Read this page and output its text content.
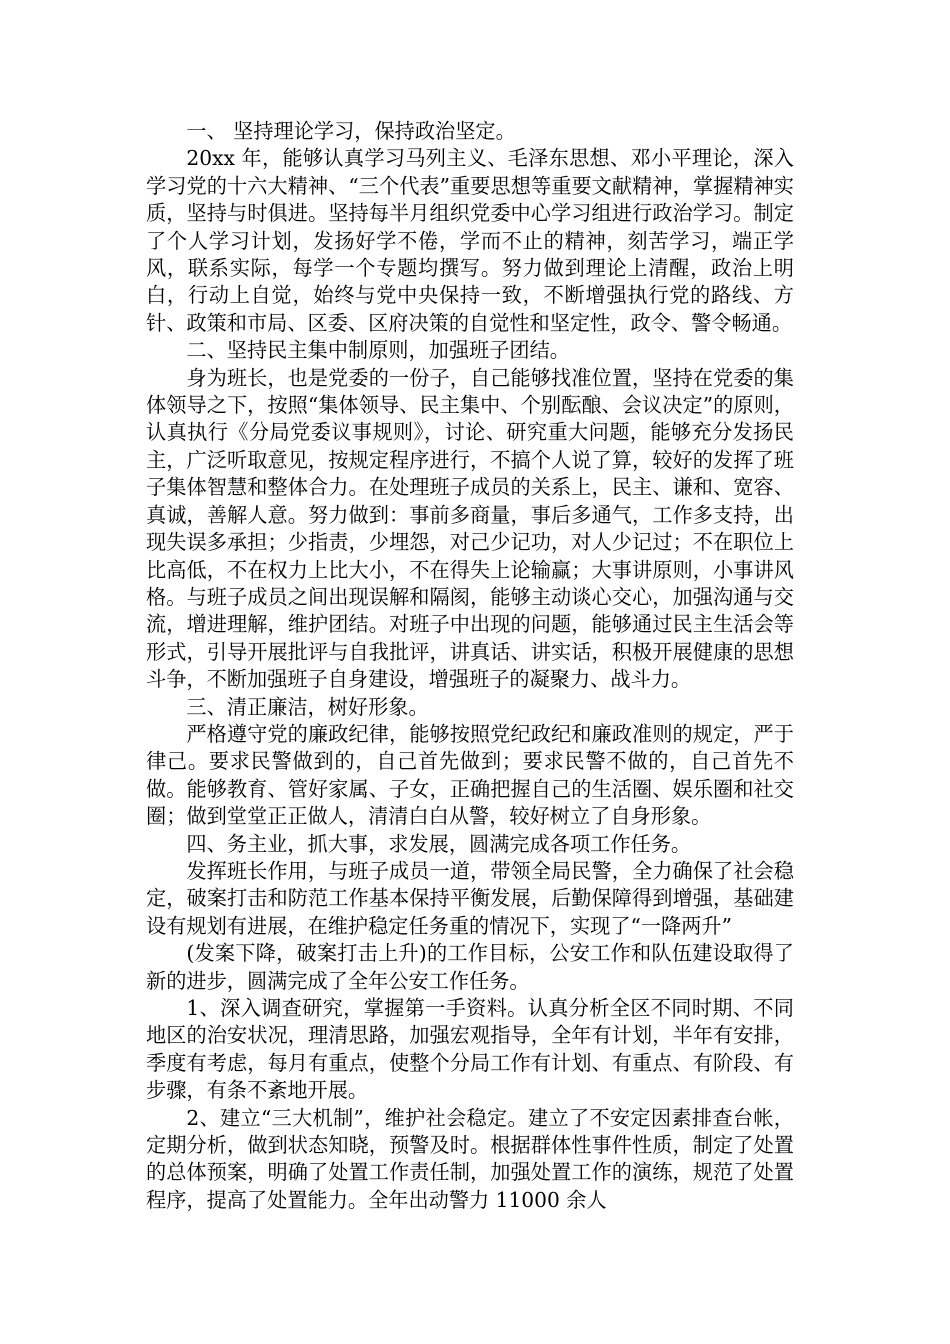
一、 坚持理论学习，保持政治坚定。

20xx 年，能够认真学习马列主义、毛泽东思想、邓小平理论，深入学习党的十六大精神、“三个代表”重要思想等重要文献精神，掌握精神实质，坚持与时俱进。坚持每半月组织党委中心学习组进行政治学习。制定了个人学习计划，发扬好学不倦，学而不止的精神，刻苦学习，端正学风，联系实际，每学一个专题均撰写。努力做到理论上清醒，政治上明白，行动上自觉，始终与党中央保持一致，不断增强执行党的路线、方针、政策和市局、区委、区府决策的自觉性和坚定性，政令、警令畅通。

二、坚持民主集中制原则，加强班子团结。

身为班长，也是党委的一份子，自己能够找准位置，坚持在党委的集体领导之下，按照“集体领导、民主集中、个别酝酿、会议决定”的原则，认真执行《分局党委议事规则》，讨论、研究重大问题，能够充分发扬民主，广泛听取意见，按规定程序进行，不搞个人说了算，较好的发挥了班子集体智慧和整体合力。在处理班子成员的关系上，民主、谦和、宽容、真诚，善解人意。努力做到：事前多商量，事后多通气，工作多支持，出现失误多承担；少指责，少埋怨，对己少记功，对人少记过；不在职位上比高低，不在权力上比大小，不在得失上论输赢；大事讲原则，小事讲风格。与班子成员之间出现误解和隔阂，能够主动谈心交心，加强沟通与交流，增进理解，维护团结。对班子中出现的问题，能够通过民主生活会等形式，引导开展批评与自我批评，讲真话、讲实话，积极开展健康的思想斗争，不断加强班子自身建设，增强班子的凝聚力、战斗力。

三、清正廉洁，树好形象。

严格遵守党的廉政纪律，能够按照党纪政纪和廉政准则的规定，严于律己。要求民警做到的，自己首先做到；要求民警不做的，自己首先不做。能够教育、管好家属、子女，正确把握自己的生活圈、娱乐圈和社交圈；做到堂堂正正做人，清清白白从警，较好树立了自身形象。

四、务主业，抓大事，求发展，圆满完成各项工作任务。

发挥班长作用，与班子成员一道，带领全局民警，全力确保了社会稳定，破案打击和防范工作基本保持平衡发展，后勤保障得到增强，基础建设有规划有进展，在维护稳定任务重的情况下，实现了“一降两升”

(发案下降，破案打击上升)的工作目标，公安工作和队伍建设取得了新的进步，圆满完成了全年公安工作任务。

1、深入调查研究，掌握第一手资料。认真分析全区不同时期、不同地区的治安状况，理清思路，加强宏观指导，全年有计划，半年有安排，季度有考虑，每月有重点，使整个分局工作有计划、有重点、有阶段、有步骤，有条不紊地开展。

2、建立“三大机制”，维护社会稳定。建立了不安定因素排查台帐，定期分析，做到状态知晓，预警及时。根据群体性事件性质，制定了处置的总体预案，明确了处置工作责任制，加强处置工作的演练，规范了处置程序，提高了处置能力。全年出动警力 11000 余人
